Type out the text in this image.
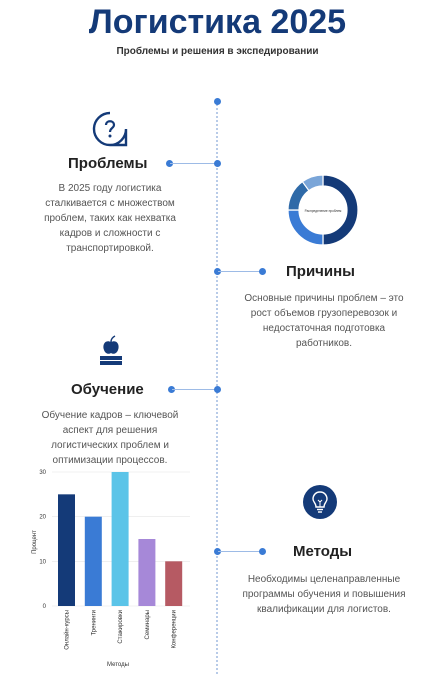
Логистика 2025
Проблемы и решения в экспедировании
Проблемы
В 2025 году логистика сталкивается с множеством проблем, таких как нехватка кадров и сложности с транспортировкой.
Распределение проблем
Причины
Основные причины проблем – это рост объемов грузоперевозок и недостаточная подготовка работников.
Обучение
Обучение кадров – ключевой аспект для решения логистических проблем и оптимизации процессов.
0
10
20
30
Онлайн-курсы	Тренинги	Стажировки	Семинары	Конференции
Процент
Методы
Методы
Необходимы целенаправленные программы обучения и повышения квалификации для логистов.
